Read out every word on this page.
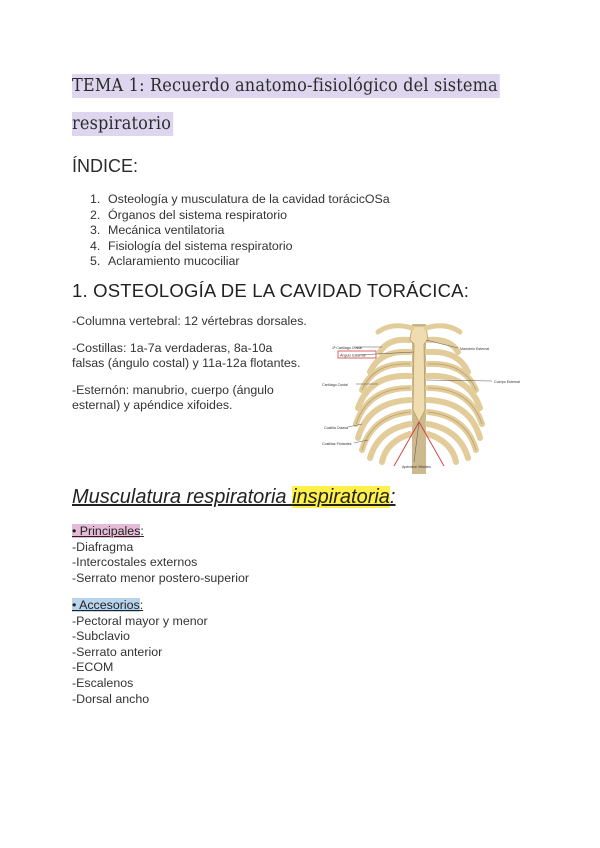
TEMA 1: Recuerdo anatomo-fisiológico del sistema
respiratorio
ÍNDICE:
1. Osteología y musculatura de la cavidad torácicOSa
2. Órganos del sistema respiratorio
3. Mecánica ventilatoria
4. Fisiología del sistema respiratorio
5. Aclaramiento mucociliar
1. OSTEOLOGÍA DE LA CAVIDAD TORÁCICA:

-Columna vertebral: 12 vértebras dorsales.

-Costillas: 1a-7a verdaderas, 8a-10a falsas (ángulo costal) y 11a-12a flotantes.

-Esternón: manubrio, cuerpo (ángulo esternal) y apéndice xifoides.

1ª Cartílago Costal
Ángulo Esternal
Cartílago Costal
Costilla Octava
Costillas Flotantes
Manubrio Esternal
Cuerpo Esternal
Apéndice Xifoides
Musculatura respiratoria inspiratoria:
• Principales:
-Diafragma
-Intercostales externos
-Serrato menor postero-superior
• Accesorios:
-Pectoral mayor y menor
-Subclavio
-Serrato anterior
-ECOM
-Escalenos
-Dorsal ancho
